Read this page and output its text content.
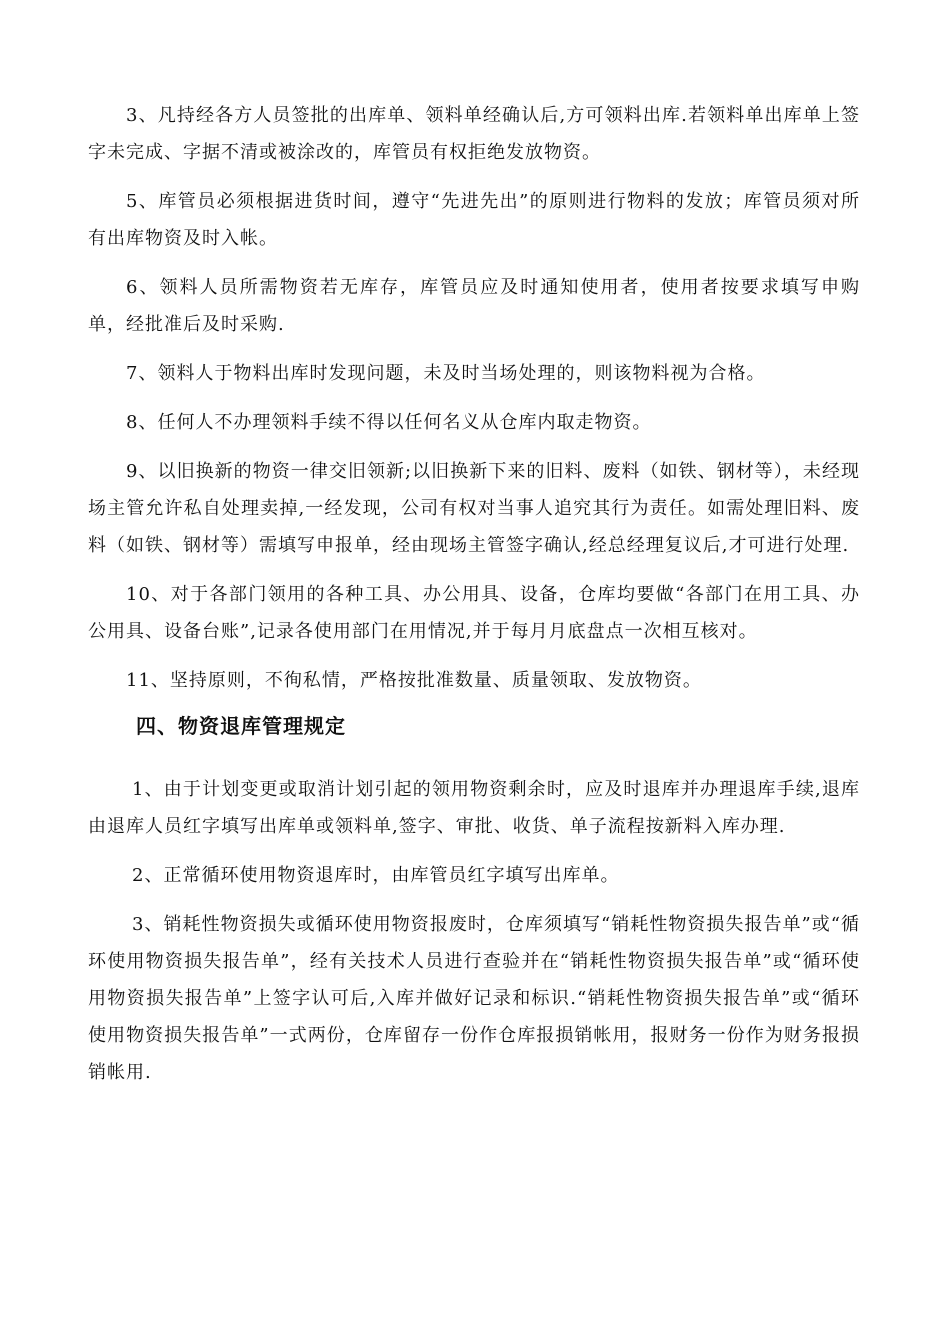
3、凡持经各方人员签批的出库单、领料单经确认后,方可领料出库.若领料单出库单上签字未完成、字据不清或被涂改的，库管员有权拒绝发放物资。

5、库管员必须根据进货时间，遵守“先进先出”的原则进行物料的发放；库管员须对所有出库物资及时入帐。

6、领料人员所需物资若无库存，库管员应及时通知使用者，使用者按要求填写申购单，经批准后及时采购.

7、领料人于物料出库时发现问题，未及时当场处理的，则该物料视为合格。

8、任何人不办理领料手续不得以任何名义从仓库内取走物资。

9、以旧换新的物资一律交旧领新;以旧换新下来的旧料、废料（如铁、钢材等），未经现场主管允许私自处理卖掉,一经发现，公司有权对当事人追究其行为责任。如需处理旧料、废料（如铁、钢材等）需填写申报单，经由现场主管签字确认,经总经理复议后,才可进行处理.

10、对于各部门领用的各种工具、办公用具、设备，仓库均要做“各部门在用工具、办公用具、设备台账”,记录各使用部门在用情况,并于每月月底盘点一次相互核对。

11、坚持原则，不徇私情，严格按批准数量、质量领取、发放物资。

四、物资退库管理规定

1、由于计划变更或取消计划引起的领用物资剩余时，应及时退库并办理退库手续,退库由退库人员红字填写出库单或领料单,签字、审批、收货、单子流程按新料入库办理.

2、正常循环使用物资退库时，由库管员红字填写出库单。

3、销耗性物资损失或循环使用物资报废时，仓库须填写“销耗性物资损失报告单”或“循环使用物资损失报告单”，经有关技术人员进行查验并在“销耗性物资损失报告单”或“循环使用物资损失报告单”上签字认可后,入库并做好记录和标识.“销耗性物资损失报告单”或“循环使用物资损失报告单”一式两份，仓库留存一份作仓库报损销帐用，报财务一份作为财务报损销帐用.
